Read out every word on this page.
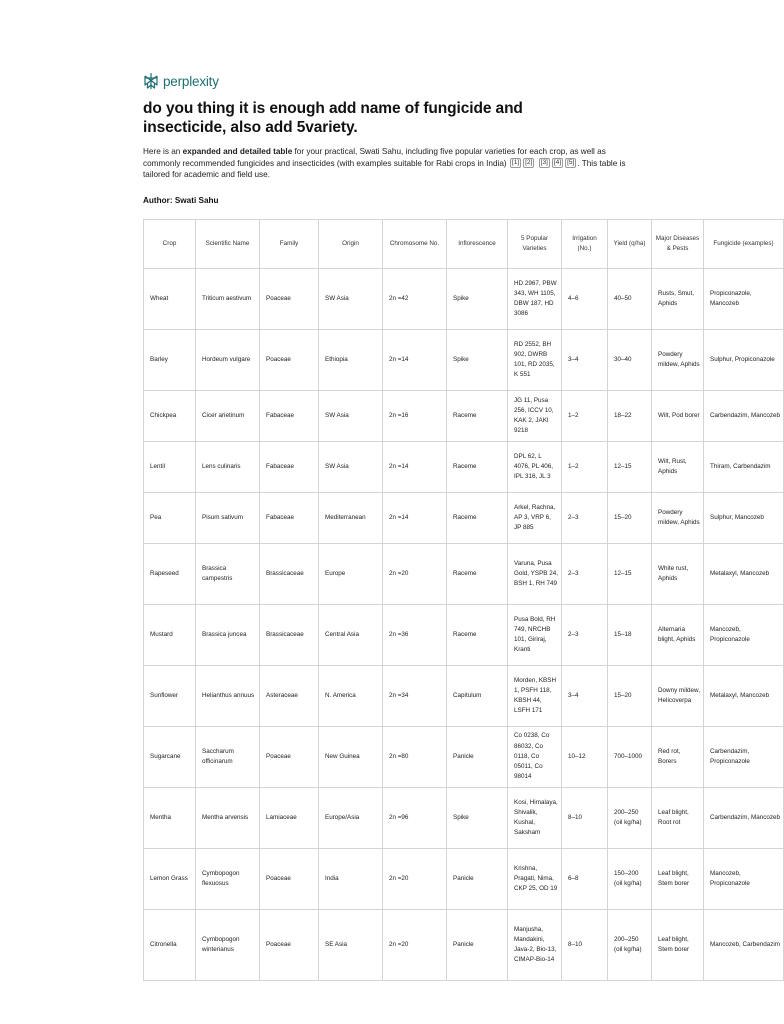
perplexity
do you thing it is enough add name of fungicide and insecticide, also add 5variety.

Here is an expanded and detailed table for your practical, Swati Sahu, including five popular varieties for each crop, as well as commonly recommended fungicides and insecticides (with examples suitable for Rabi crops in India) [1] [2] [3] [4] [5] . This table is tailored for academic and field use.

Author: Swati Sahu
Crop	Scientific Name	Family	Origin	Chromosome No.	Inflorescence	5 Popular Varieties	Irrigation (No.)	Yield (q/ha)	Major Diseases & Pests	Fungicide (examples)
Wheat	Triticum aestivum	Poaceae	SW Asia	2n =42	Spike	HD 2967, PBW 343, WH 1105, DBW 187, HD 3086	4–6	40–50	Rusts, Smut, Aphids	Propiconazole, Mancozeb
Barley	Hordeum vulgare	Poaceae	Ethiopia	2n =14	Spike	RD 2552, BH 902, DWRB 101, RD 2035, K 551	3–4	30–40	Powdery mildew, Aphids	Sulphur, Propiconazole
Chickpea	Cicer arietinum	Fabaceae	SW Asia	2n =16	Raceme	JG 11, Pusa 256, ICCV 10, KAK 2, JAKI 9218	1–2	18–22	Wilt, Pod borer	Carbendazim, Mancozeb
Lentil	Lens culinaris	Fabaceae	SW Asia	2n =14	Raceme	DPL 62, L 4076, PL 406, IPL 316, JL 3	1–2	12–15	Wilt, Rust, Aphids	Thiram, Carbendazim
Pea	Pisum sativum	Fabaceae	Mediterranean	2n =14	Raceme	Arkel, Rachna, AP 3, VRP 6, JP 885	2–3	15–20	Powdery mildew, Aphids	Sulphur, Mancozeb
Rapeseed	Brassica campestris	Brassicaceae	Europe	2n =20	Raceme	Varuna, Pusa Gold, YSPB 24, BSH 1, RH 749	2–3	12–15	White rust, Aphids	Metalaxyl, Mancozeb
Mustard	Brassica juncea	Brassicaceae	Central Asia	2n =36	Raceme	Pusa Bold, RH 749, NRCHB 101, Giriraj, Kranti	2–3	15–18	Alternaria blight, Aphids	Mancozeb, Propiconazole
Sunflower	Helianthus annuus	Asteraceae	N. America	2n =34	Capitulum	Morden, KBSH 1, PSFH 118, KBSH 44, LSFH 171	3–4	15–20	Downy mildew, Helicoverpa	Metalaxyl, Mancozeb
Sugarcane	Saccharum officinarum	Poaceae	New Guinea	2n =80	Panicle	Co 0238, Co 86032, Co 0118, Co 05011, Co 98014	10–12	700–1000	Red rot, Borers	Carbendazim, Propiconazole
Mentha	Mentha arvensis	Lamiaceae	Europe/Asia	2n =96	Spike	Kosi, Himalaya, Shivalik, Kushal, Saksham	8–10	200–250 (oil kg/ha)	Leaf blight, Root rot	Carbendazim, Mancozeb
Lemon Grass	Cymbopogon flexuosus	Poaceae	India	2n =20	Panicle	Krishna, Pragati, Nima, CKP 25, OD 19	6–8	150–200 (oil kg/ha)	Leaf blight, Stem borer	Mancozeb, Propiconazole
Citronella	Cymbopogon winterianus	Poaceae	SE Asia	2n =20	Panicle	Manjusha, Mandakini, Java-2, Bio-13, CIMAP-Bio-14	8–10	200–250 (oil kg/ha)	Leaf blight, Stem borer	Mancozeb, Carbendazim
